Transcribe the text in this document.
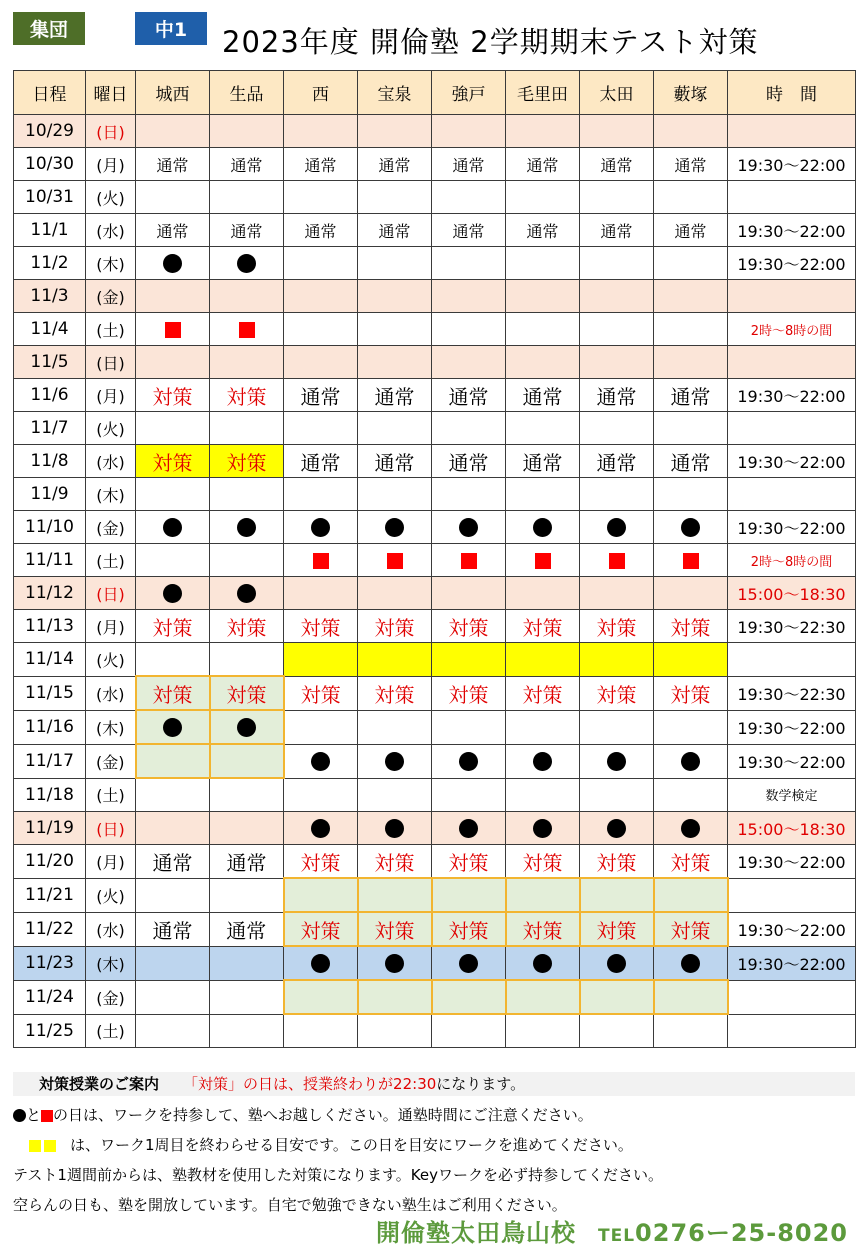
集団	中1	2023年度 開倫塾 2学期期末テスト対策
日程	曜日	城西	生品	西	宝泉	強戸	毛里田	太田	藪塚	時　間
10/29	(日)									
10/30	(月)	通常	通常	通常	通常	通常	通常	通常	通常	19:30～22:00
10/31	(火)									
11/1	(水)	通常	通常	通常	通常	通常	通常	通常	通常	19:30～22:00
11/2	(木)									19:30～22:00
11/3	(金)									
11/4	(土)									2時～8時の間
11/5	(日)									
11/6	(月)	対策	対策	通常	通常	通常	通常	通常	通常	19:30～22:00
11/7	(火)									
11/8	(水)	対策	対策	通常	通常	通常	通常	通常	通常	19:30～22:00
11/9	(木)									
11/10	(金)									19:30～22:00
11/11	(土)									2時～8時の間
11/12	(日)									15:00～18:30
11/13	(月)	対策	対策	対策	対策	対策	対策	対策	対策	19:30～22:30
11/14	(火)									
11/15	(水)	対策	対策	対策	対策	対策	対策	対策	対策	19:30～22:30
11/16	(木)									19:30～22:00
11/17	(金)									19:30～22:00
11/18	(土)									数学検定
11/19	(日)									15:00～18:30
11/20	(月)	通常	通常	対策	対策	対策	対策	対策	対策	19:30～22:00
11/21	(火)									
11/22	(水)	通常	通常	対策	対策	対策	対策	対策	対策	19:30～22:00
11/23	(木)									19:30～22:00
11/24	(金)									
11/25	(土)									
対策授業のご案内 「対策」の日は、授業終わりが22:30になります。
と の日は、ワークを持参して、塾へお越しください。通塾時間にご注意ください。
は、ワーク1周目を終わらせる目安です。この日を目安にワークを進めてください。
テスト1週間前からは、塾教材を使用した対策になります。Keyワークを必ず持参してください。
空らんの日も、塾を開放しています。自宅で勉強できない塾生はご利用ください。
開倫塾太田鳥山校 TEL0276ー25-8020
